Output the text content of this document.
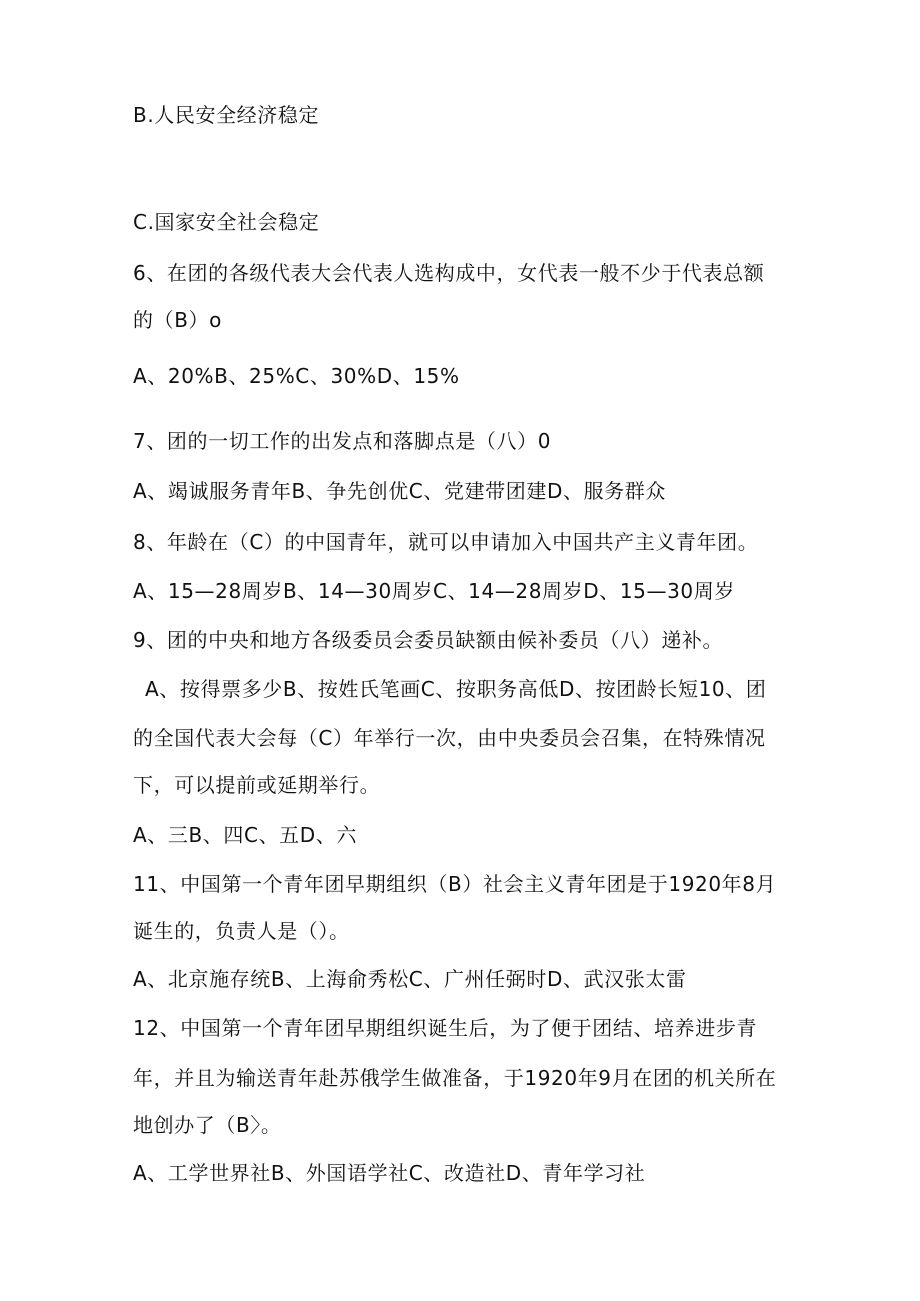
B.人民安全经济稳定
C.国家安全社会稳定
6、在团的各级代表大会代表人选构成中，女代表一般不少于代表总额
的（B）o
A、20%B、25%C、30%D、15%
7、团的一切工作的出发点和落脚点是（八）0
A、竭诚服务青年B、争先创优C、党建带团建D、服务群众
8、年龄在（C）的中国青年，就可以申请加入中国共产主义青年团。
A、15—28周岁B、14—30周岁C、14—28周岁D、15—30周岁
9、团的中央和地方各级委员会委员缺额由候补委员（八）递补。
A、按得票多少B、按姓氏笔画C、按职务高低D、按团龄长短10、团
的全国代表大会每（C）年举行一次，由中央委员会召集，在特殊情况
下，可以提前或延期举行。
A、三B、四C、五D、六
11、中国第一个青年团早期组织（B）社会主义青年团是于1920年8月
诞生的，负责人是（）。
A、北京施存统B、上海俞秀松C、广州任弼时D、武汉张太雷
12、中国第一个青年团早期组织诞生后，为了便于团结、培养进步青
年，并且为输送青年赴苏俄学生做准备，于1920年9月在团的机关所在
地创办了（B〉。
A、工学世界社B、外国语学社C、改造社D、青年学习社
